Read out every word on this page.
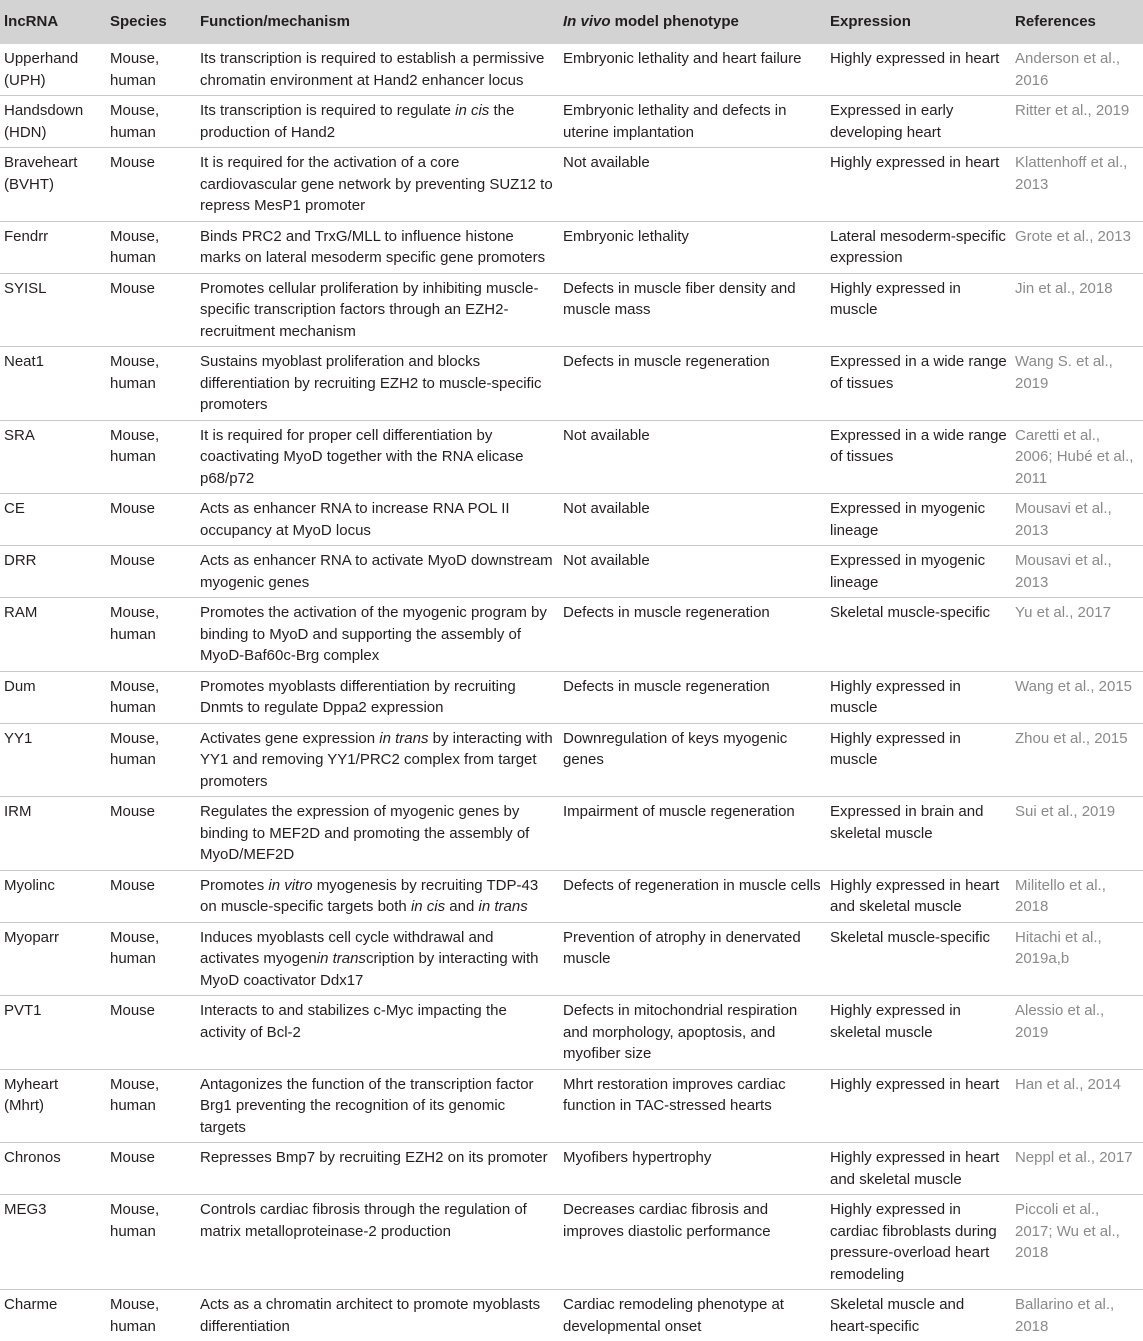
lncRNA	Species	Function/mechanism	In vivo model phenotype	Expression	References
Upperhand (UPH)	Mouse, human	Its transcription is required to establish a permissive chromatin environment at Hand2 enhancer locus	Embryonic lethality and heart failure	Highly expressed in heart	Anderson et al., 2016
Handsdown (HDN)	Mouse, human	Its transcription is required to regulate in cis the production of Hand2	Embryonic lethality and defects in uterine implantation	Expressed in early developing heart	Ritter et al., 2019
Braveheart (BVHT)	Mouse	It is required for the activation of a core cardiovascular gene network by preventing SUZ12 to repress MesP1 promoter	Not available	Highly expressed in heart	Klattenhoff et al., 2013
Fendrr	Mouse, human	Binds PRC2 and TrxG/MLL to influence histone marks on lateral mesoderm specific gene promoters	Embryonic lethality	Lateral mesoderm-specific expression	Grote et al., 2013
SYISL	Mouse	Promotes cellular proliferation by inhibiting muscle-specific transcription factors through an EZH2-recruitment mechanism	Defects in muscle fiber density and muscle mass	Highly expressed in muscle	Jin et al., 2018
Neat1	Mouse, human	Sustains myoblast proliferation and blocks differentiation by recruiting EZH2 to muscle-specific promoters	Defects in muscle regeneration	Expressed in a wide range of tissues	Wang S. et al., 2019
SRA	Mouse, human	It is required for proper cell differentiation by coactivating MyoD together with the RNA elicase p68/p72	Not available	Expressed in a wide range of tissues	Caretti et al., 2006; Hubé et al., 2011
CE	Mouse	Acts as enhancer RNA to increase RNA POL II occupancy at MyoD locus	Not available	Expressed in myogenic lineage	Mousavi et al., 2013
DRR	Mouse	Acts as enhancer RNA to activate MyoD downstream myogenic genes	Not available	Expressed in myogenic lineage	Mousavi et al., 2013
RAM	Mouse, human	Promotes the activation of the myogenic program by binding to MyoD and supporting the assembly of MyoD-Baf60c-Brg complex	Defects in muscle regeneration	Skeletal muscle-specific	Yu et al., 2017
Dum	Mouse, human	Promotes myoblasts differentiation by recruiting Dnmts to regulate Dppa2 expression	Defects in muscle regeneration	Highly expressed in muscle	Wang et al., 2015
YY1	Mouse, human	Activates gene expression in trans by interacting with YY1 and removing YY1/PRC2 complex from target promoters	Downregulation of keys myogenic genes	Highly expressed in muscle	Zhou et al., 2015
IRM	Mouse	Regulates the expression of myogenic genes by binding to MEF2D and promoting the assembly of MyoD/MEF2D	Impairment of muscle regeneration	Expressed in brain and skeletal muscle	Sui et al., 2019
Myolinc	Mouse	Promotes in vitro myogenesis by recruiting TDP-43 on muscle-specific targets both in cis and in trans	Defects of regeneration in muscle cells	Highly expressed in heart and skeletal muscle	Militello et al., 2018
Myoparr	Mouse, human	Induces myoblasts cell cycle withdrawal and activates myogenin transcription by interacting with MyoD coactivator Ddx17	Prevention of atrophy in denervated muscle	Skeletal muscle-specific	Hitachi et al., 2019a,b
PVT1	Mouse	Interacts to and stabilizes c-Myc impacting the activity of Bcl-2	Defects in mitochondrial respiration and morphology, apoptosis, and myofiber size	Highly expressed in skeletal muscle	Alessio et al., 2019
Myheart (Mhrt)	Mouse, human	Antagonizes the function of the transcription factor Brg1 preventing the recognition of its genomic targets	Mhrt restoration improves cardiac function in TAC-stressed hearts	Highly expressed in heart	Han et al., 2014
Chronos	Mouse	Represses Bmp7 by recruiting EZH2 on its promoter	Myofibers hypertrophy	Highly expressed in heart and skeletal muscle	Neppl et al., 2017
MEG3	Mouse, human	Controls cardiac fibrosis through the regulation of matrix metalloproteinase-2 production	Decreases cardiac fibrosis and improves diastolic performance	Highly expressed in cardiac fibroblasts during pressure-overload heart remodeling	Piccoli et al., 2017; Wu et al., 2018
Charme	Mouse, human	Acts as a chromatin architect to promote myoblasts differentiation	Cardiac remodeling phenotype at developmental onset	Skeletal muscle and heart-specific	Ballarino et al., 2018
